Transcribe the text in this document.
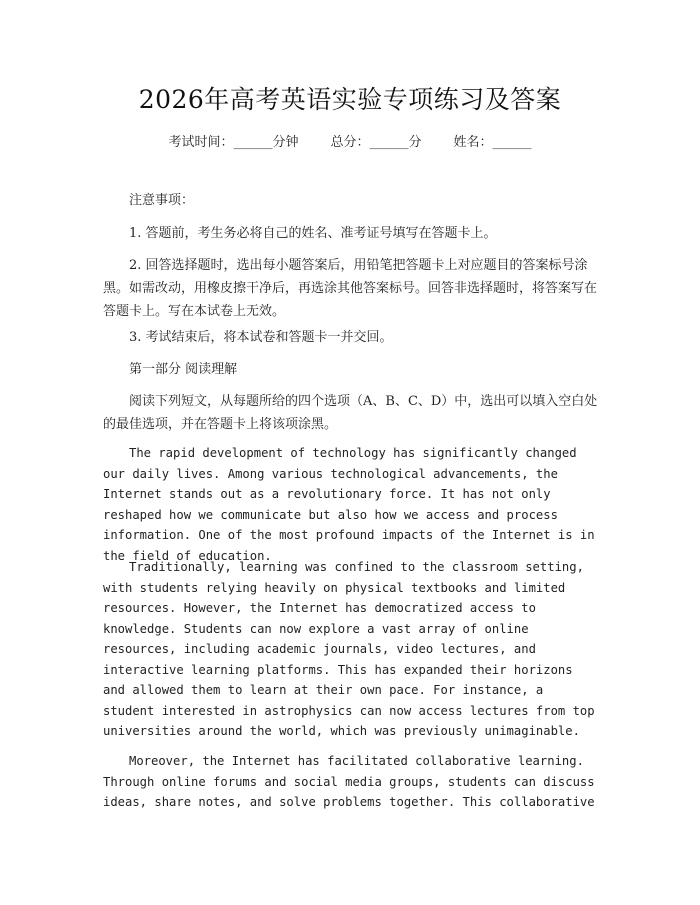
2026年高考英语实验专项练习及答案
考试时间：______分钟 总分：______分 姓名：______
注意事项：
1. 答题前，考生务必将自己的姓名、准考证号填写在答题卡上。
2. 回答选择题时，选出每小题答案后，用铅笔把答题卡上对应题目的答案标号涂黑。如需改动，用橡皮擦干净后，再选涂其他答案标号。回答非选择题时，将答案写在答题卡上。写在本试卷上无效。
3. 考试结束后，将本试卷和答题卡一并交回。
第一部分 阅读理解
阅读下列短文，从每题所给的四个选项（A、B、C、D）中，选出可以填入空白处的最佳选项，并在答题卡上将该项涂黑。
The rapid development of technology has significantly changed our daily lives. Among various technological advancements, the Internet stands out as a revolutionary force. It has not only reshaped how we communicate but also how we access and process information. One of the most profound impacts of the Internet is in the field of education.
Traditionally, learning was confined to the classroom setting, with students relying heavily on physical textbooks and limited resources. However, the Internet has democratized access to knowledge. Students can now explore a vast array of online resources, including academic journals, video lectures, and interactive learning platforms. This has expanded their horizons and allowed them to learn at their own pace. For instance, a student interested in astrophysics can now access lectures from top universities around the world, which was previously unimaginable.
Moreover, the Internet has facilitated collaborative learning. Through online forums and social media groups, students can discuss ideas, share notes, and solve problems together. This collaborative
